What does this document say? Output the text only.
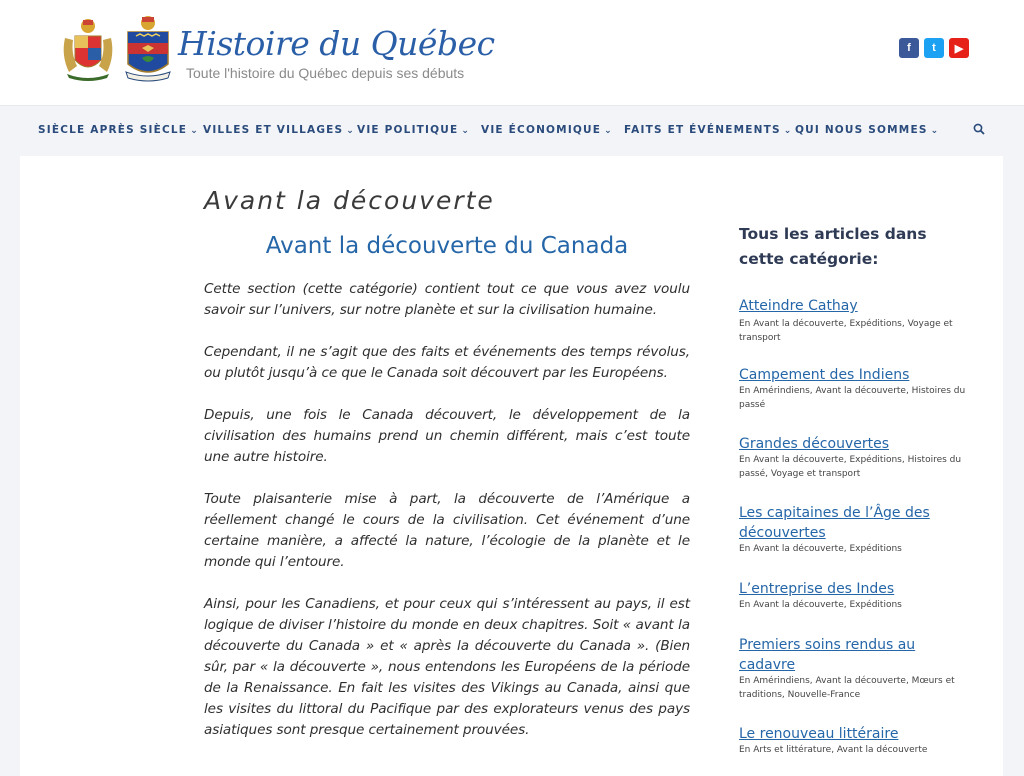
Histoire du Québec
Toute l'histoire du Québec depuis ses débuts
f t ▶
SIÈCLE APRÈS SIÈCLE ⌄ VILLES ET VILLAGES ⌄ VIE POLITIQUE ⌄ VIE ÉCONOMIQUE ⌄ FAITS ET ÉVÉNEMENTS ⌄ QUI NOUS SOMMES ⌄
Avant la découverte
Avant la découverte du Canada

Cette section (cette catégorie) contient tout ce que vous avez voulu savoir sur l’univers, sur notre planète et sur la civilisation humaine.

Cependant, il ne s’agit que des faits et événements des temps révolus, ou plutôt jusqu’à ce que le Canada soit découvert par les Européens.

Depuis, une fois le Canada découvert, le développement de la civilisation des humains prend un chemin différent, mais c’est toute une autre histoire.

Toute plaisanterie mise à part, la découverte de l’Amérique a réellement changé le cours de la civilisation. Cet événement d’une certaine manière, a affecté la nature, l’écologie de la planète et le monde qui l’entoure.

Ainsi, pour les Canadiens, et pour ceux qui s’intéressent au pays, il est logique de diviser l’histoire du monde en deux chapitres. Soit « avant la découverte du Canada » et « après la découverte du Canada ». (Bien sûr, par « la découverte », nous entendons les Européens de la période de la Renaissance. En fait les visites des Vikings au Canada, ainsi que les visites du littoral du Pacifique par des explorateurs venus des pays asiatiques sont presque certainement prouvées.

Tous les articles dans cette catégorie:
Atteindre Cathay
En Avant la découverte, Expéditions, Voyage et transport
Campement des Indiens
En Amérindiens, Avant la découverte, Histoires du passé
Grandes découvertes
En Avant la découverte, Expéditions, Histoires du passé, Voyage et transport
Les capitaines de l’Âge des découvertes
En Avant la découverte, Expéditions
L’entreprise des Indes
En Avant la découverte, Expéditions
Premiers soins rendus au cadavre
En Amérindiens, Avant la découverte, Mœurs et traditions, Nouvelle-France
Le renouveau littéraire
En Arts et littérature, Avant la découverte
